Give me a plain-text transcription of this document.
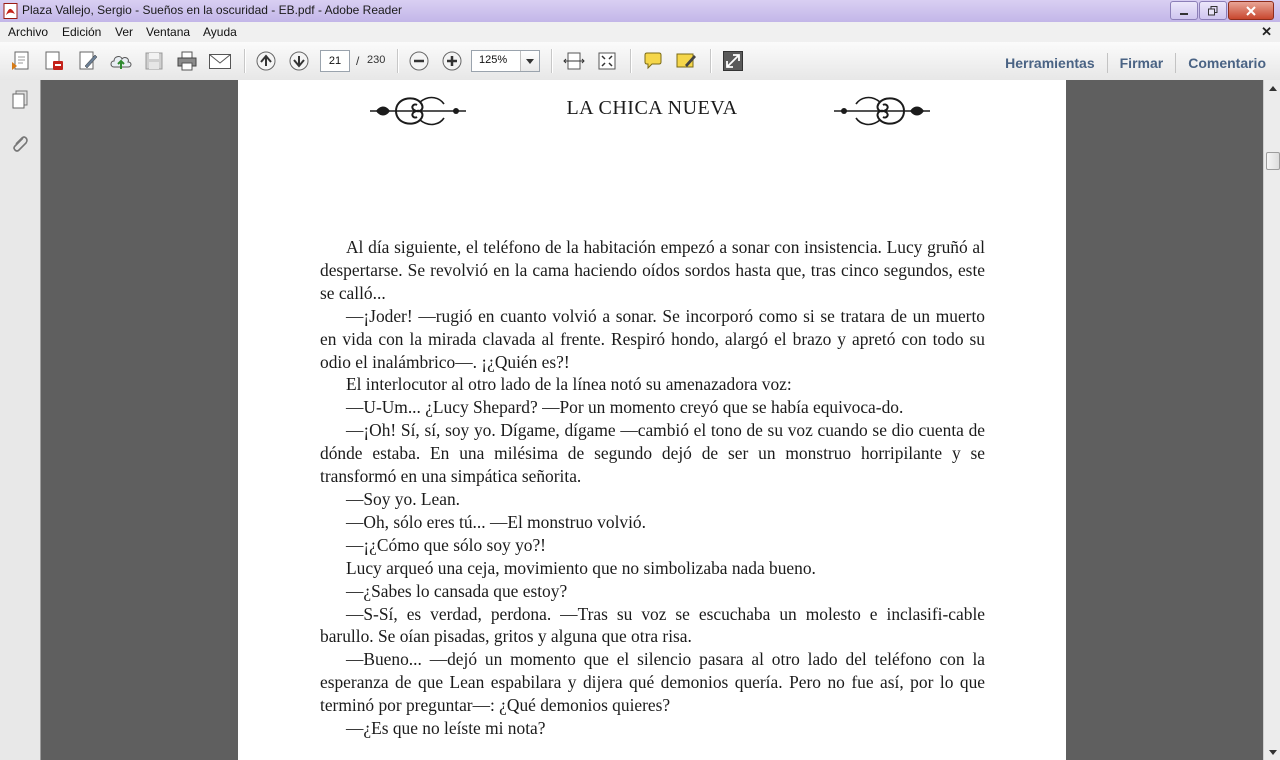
Plaza Vallejo, Sergio - Sueños en la oscuridad - EB.pdf - Adobe Reader
Archivo Edición Ver Ventana Ayuda	✕
21	/ 230	125%	Herramientas	Firmar	Comentario
LA CHICA NUEVA

Al día siguiente, el teléfono de la habitación empezó a sonar con insistencia. Lucy gruñó al despertarse. Se revolvió en la cama haciendo oídos sordos hasta que, tras cinco segundos, este se calló...

—¡Joder! —rugió en cuanto volvió a sonar. Se incorporó como si se tratara de un muerto en vida con la mirada clavada al frente. Respiró hondo, alargó el brazo y apretó con todo su odio el inalámbrico—. ¡¿Quién es?!

El interlocutor al otro lado de la línea notó su amenazadora voz:

—U-Um... ¿Lucy Shepard? —Por un momento creyó que se había equivoca-do.

—¡Oh! Sí, sí, soy yo. Dígame, dígame —cambió el tono de su voz cuando se dio cuenta de dónde estaba. En una milésima de segundo dejó de ser un monstruo horripilante y se transformó en una simpática señorita.

—Soy yo. Lean.

—Oh, sólo eres tú... —El monstruo volvió.

—¡¿Cómo que sólo soy yo?!

Lucy arqueó una ceja, movimiento que no simbolizaba nada bueno.

—¿Sabes lo cansada que estoy?

—S-Sí, es verdad, perdona. —Tras su voz se escuchaba un molesto e inclasifi-cable barullo. Se oían pisadas, gritos y alguna que otra risa.

—Bueno... —dejó un momento que el silencio pasara al otro lado del teléfono con la esperanza de que Lean espabilara y dijera qué demonios quería. Pero no fue así, por lo que terminó por preguntar—: ¿Qué demonios quieres?

—¿Es que no leíste mi nota?
